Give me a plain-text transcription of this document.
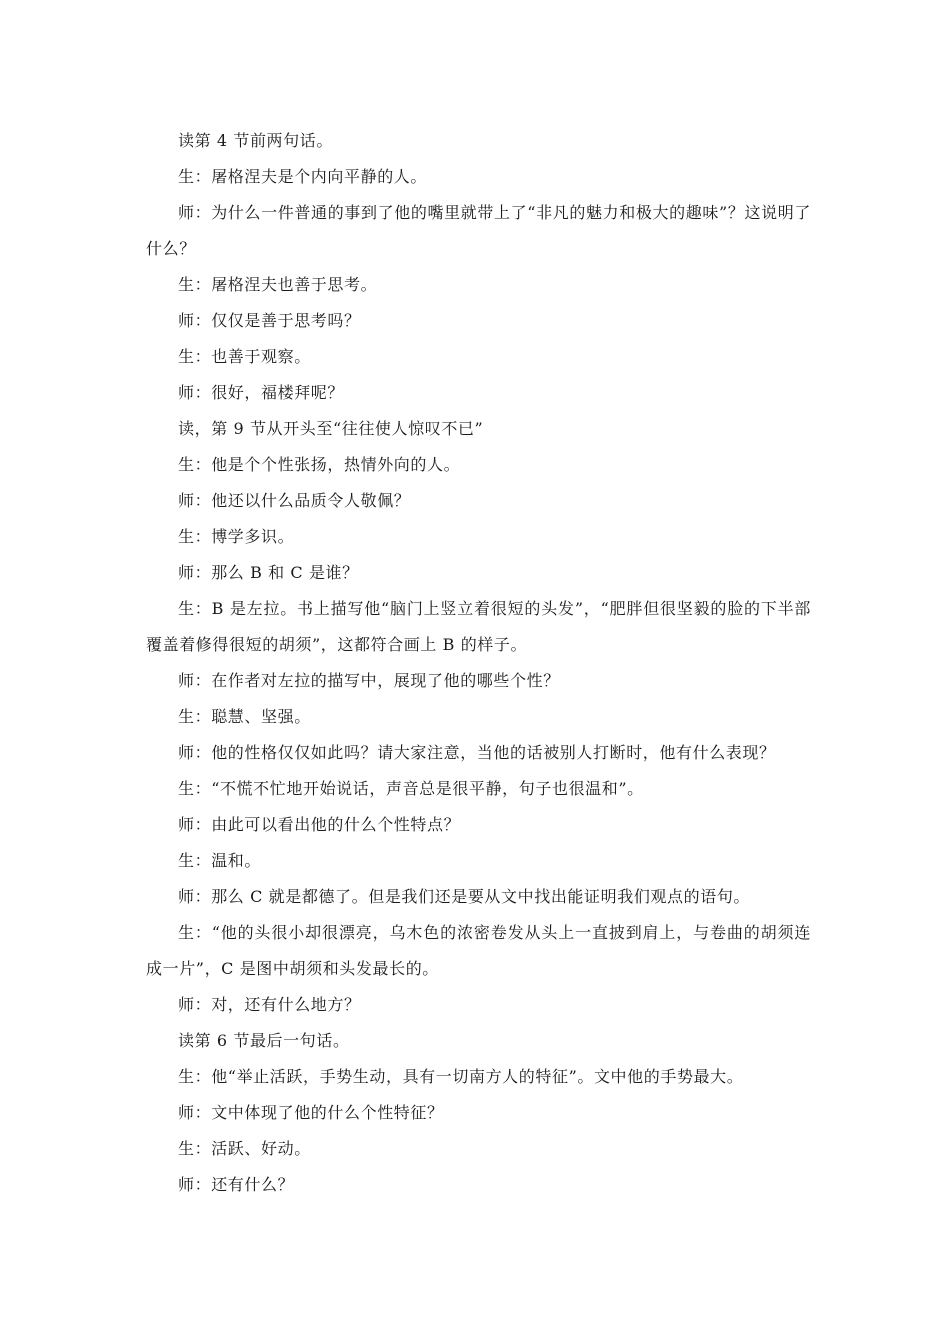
读第 4 节前两句话。

生：屠格涅夫是个内向平静的人。

师：为什么一件普通的事到了他的嘴里就带上了“非凡的魅力和极大的趣味”？这说明了什么？

生：屠格涅夫也善于思考。

师：仅仅是善于思考吗？

生：也善于观察。

师：很好，福楼拜呢？

读，第 9 节从开头至“往往使人惊叹不已”

生：他是个个性张扬，热情外向的人。

师：他还以什么品质令人敬佩？

生：博学多识。

师：那么 B 和 C 是谁？

生：B 是左拉。书上描写他“脑门上竖立着很短的头发”，“肥胖但很坚毅的脸的下半部覆盖着修得很短的胡须”，这都符合画上 B 的样子。

师：在作者对左拉的描写中，展现了他的哪些个性？

生：聪慧、坚强。

师：他的性格仅仅如此吗？请大家注意，当他的话被别人打断时，他有什么表现？

生：“不慌不忙地开始说话，声音总是很平静，句子也很温和”。

师：由此可以看出他的什么个性特点？

生：温和。

师：那么 C 就是都德了。但是我们还是要从文中找出能证明我们观点的语句。

生：“他的头很小却很漂亮，乌木色的浓密卷发从头上一直披到肩上，与卷曲的胡须连成一片”，C 是图中胡须和头发最长的。

师：对，还有什么地方？

读第 6 节最后一句话。

生：他“举止活跃，手势生动，具有一切南方人的特征”。文中他的手势最大。

师：文中体现了他的什么个性特征？

生：活跃、好动。

师：还有什么？
